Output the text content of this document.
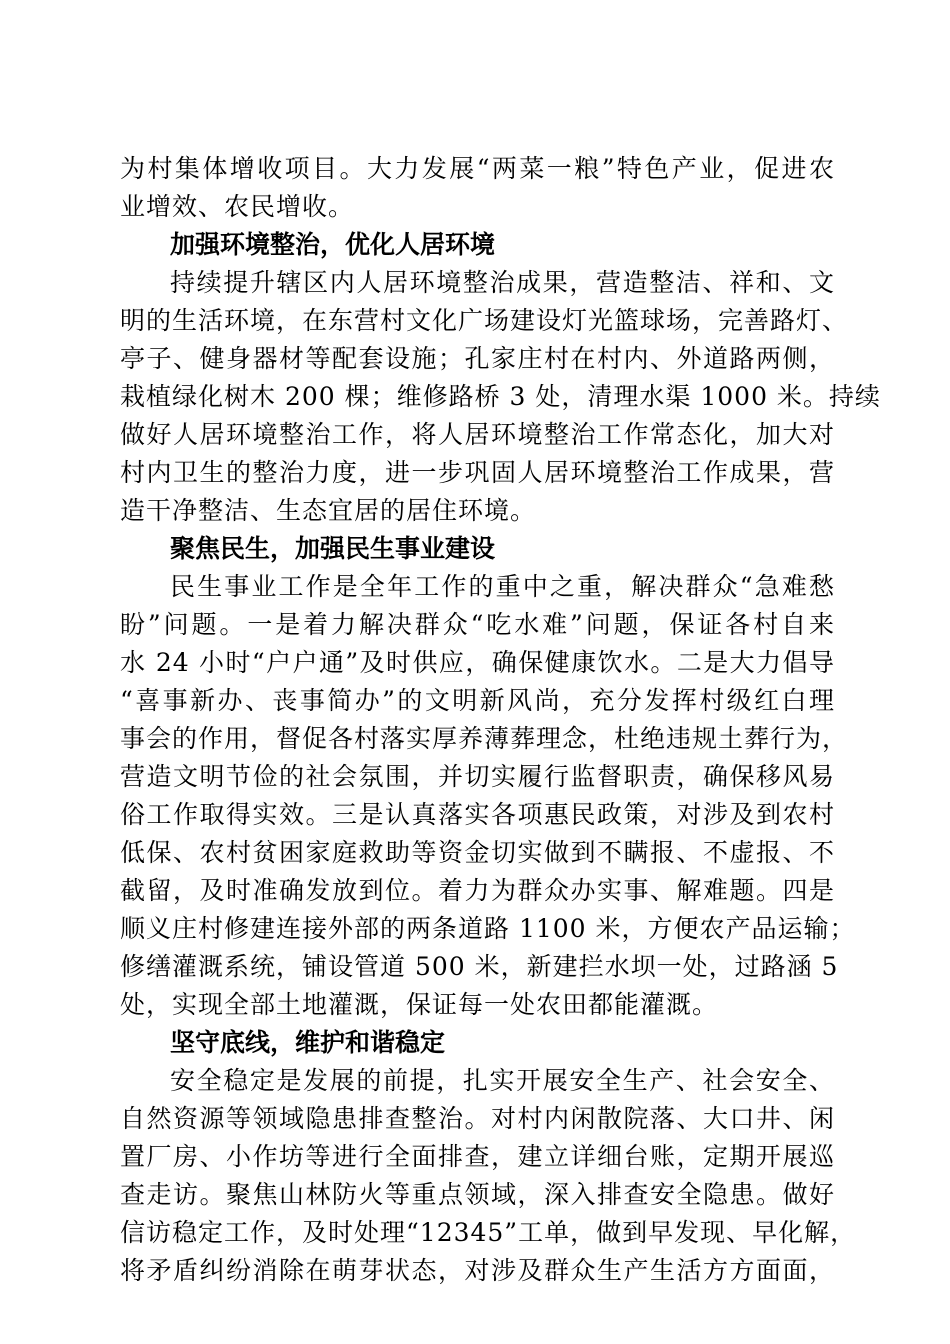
为村集体增收项目。大力发展“两菜一粮”特色产业，促进农
业增效、农民增收。
加强环境整治，优化人居环境
持续提升辖区内人居环境整治成果，营造整洁、祥和、文
明的生活环境，在东营村文化广场建设灯光篮球场，完善路灯、
亭子、健身器材等配套设施；孔家庄村在村内、外道路两侧，
栽植绿化树木 200 棵；维修路桥 3 处，清理水渠 1000 米。持续
做好人居环境整治工作，将人居环境整治工作常态化，加大对
村内卫生的整治力度，进一步巩固人居环境整治工作成果，营
造干净整洁、生态宜居的居住环境。
聚焦民生，加强民生事业建设
民生事业工作是全年工作的重中之重，解决群众“急难愁
盼”问题。一是着力解决群众“吃水难”问题，保证各村自来
水 24 小时“户户通”及时供应，确保健康饮水。二是大力倡导
“喜事新办、丧事简办”的文明新风尚，充分发挥村级红白理
事会的作用，督促各村落实厚养薄葬理念，杜绝违规土葬行为，
营造文明节俭的社会氛围，并切实履行监督职责，确保移风易
俗工作取得实效。三是认真落实各项惠民政策，对涉及到农村
低保、农村贫困家庭救助等资金切实做到不瞒报、不虚报、不
截留，及时准确发放到位。着力为群众办实事、解难题。四是
顺义庄村修建连接外部的两条道路 1100 米，方便农产品运输；
修缮灌溉系统，铺设管道 500 米，新建拦水坝一处，过路涵 5
处，实现全部土地灌溉，保证每一处农田都能灌溉。
坚守底线，维护和谐稳定
安全稳定是发展的前提，扎实开展安全生产、社会安全、
自然资源等领域隐患排查整治。对村内闲散院落、大口井、闲
置厂房、小作坊等进行全面排查，建立详细台账，定期开展巡
查走访。聚焦山林防火等重点领域，深入排查安全隐患。做好
信访稳定工作，及时处理“12345”工单，做到早发现、早化解，
将矛盾纠纷消除在萌芽状态，对涉及群众生产生活方方面面，
